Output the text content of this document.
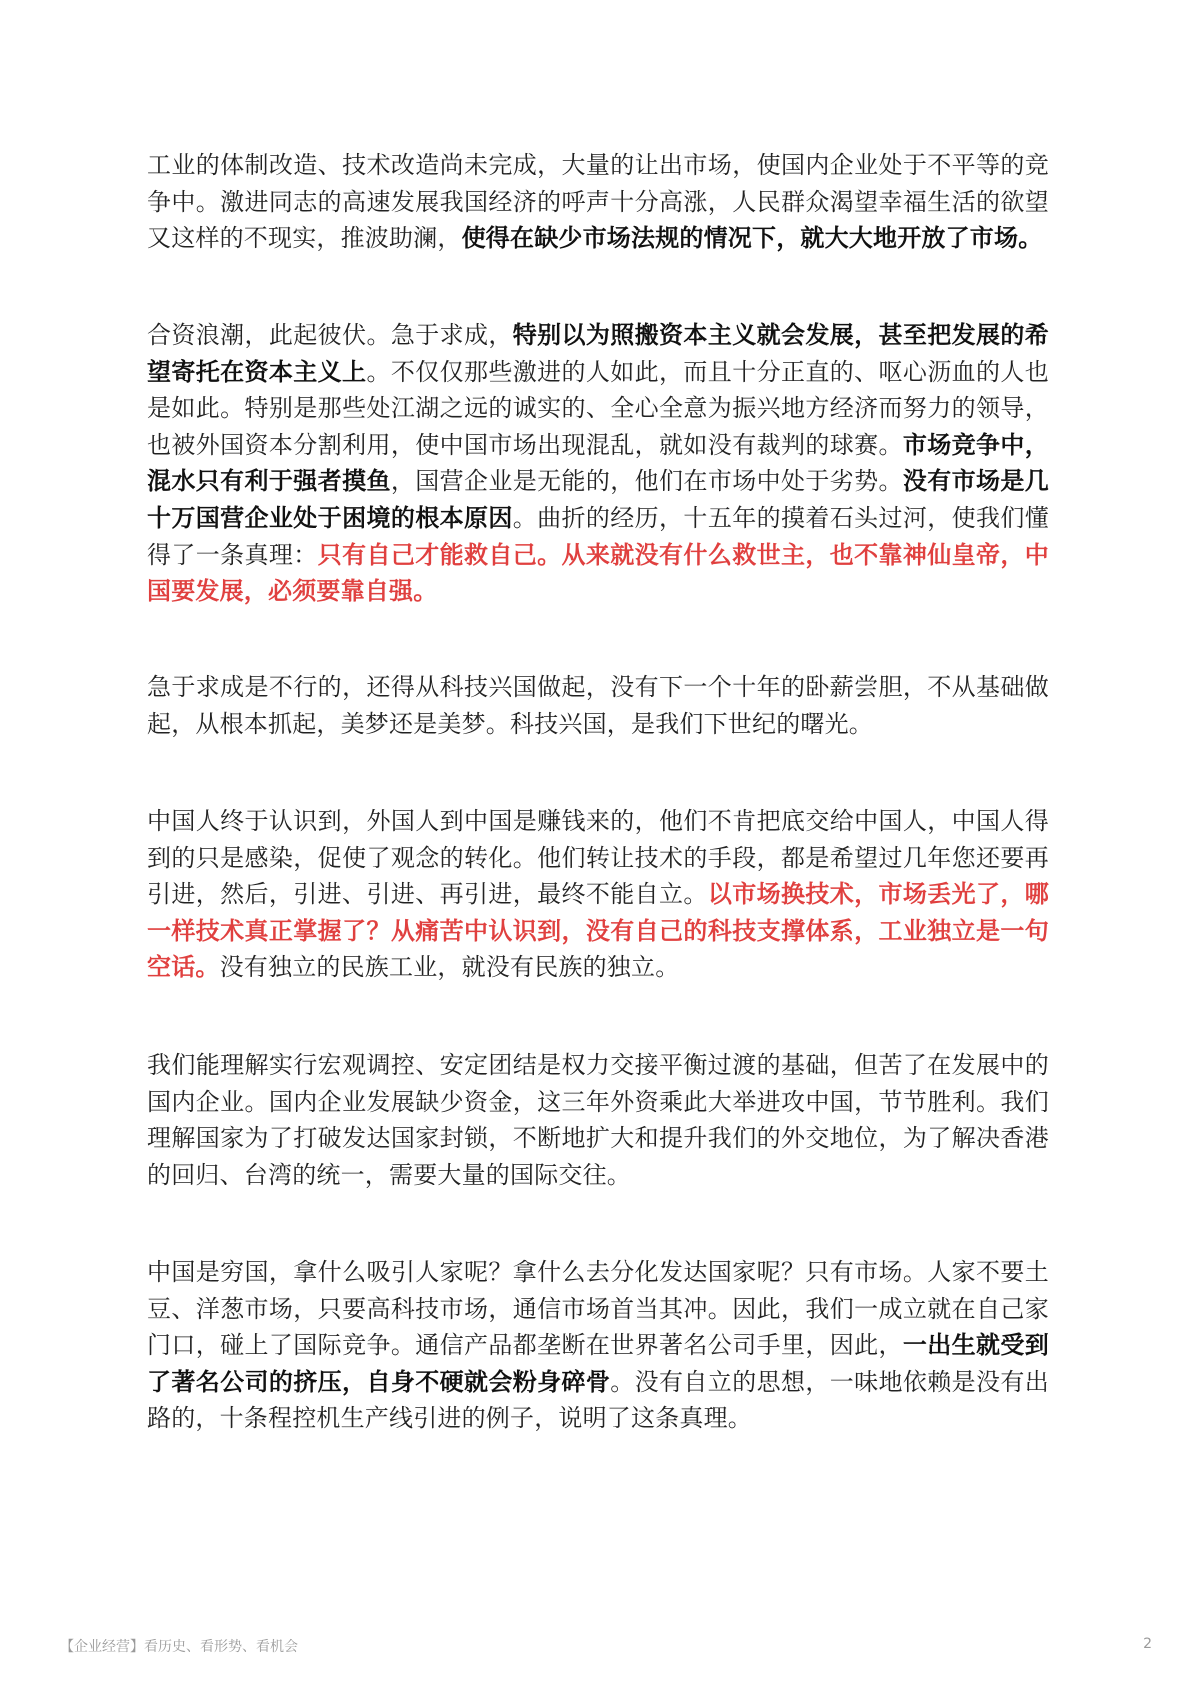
工业的体制改造、技术改造尚未完成，大量的让出市场，使国内企业处于不平等的竞争中。激进同志的高速发展我国经济的呼声十分高涨，人民群众渴望幸福生活的欲望又这样的不现实，推波助澜，使得在缺少市场法规的情况下，就大大地开放了市场。

合资浪潮，此起彼伏。急于求成，特别以为照搬资本主义就会发展，甚至把发展的希望寄托在资本主义上。不仅仅那些激进的人如此，而且十分正直的、呕心沥血的人也是如此。特别是那些处江湖之远的诚实的、全心全意为振兴地方经济而努力的领导，也被外国资本分割利用，使中国市场出现混乱，就如没有裁判的球赛。市场竞争中，混水只有利于强者摸鱼，国营企业是无能的，他们在市场中处于劣势。没有市场是几十万国营企业处于困境的根本原因。曲折的经历，十五年的摸着石头过河，使我们懂得了一条真理：只有自己才能救自己。从来就没有什么救世主，也不靠神仙皇帝，中国要发展，必须要靠自强。

急于求成是不行的，还得从科技兴国做起，没有下一个十年的卧薪尝胆，不从基础做起，从根本抓起，美梦还是美梦。科技兴国，是我们下世纪的曙光。

中国人终于认识到，外国人到中国是赚钱来的，他们不肯把底交给中国人，中国人得到的只是感染，促使了观念的转化。他们转让技术的手段，都是希望过几年您还要再引进，然后，引进、引进、再引进，最终不能自立。以市场换技术，市场丢光了，哪一样技术真正掌握了？从痛苦中认识到，没有自己的科技支撑体系，工业独立是一句空话。没有独立的民族工业，就没有民族的独立。

我们能理解实行宏观调控、安定团结是权力交接平衡过渡的基础，但苦了在发展中的国内企业。国内企业发展缺少资金，这三年外资乘此大举进攻中国，节节胜利。我们理解国家为了打破发达国家封锁，不断地扩大和提升我们的外交地位，为了解决香港的回归、台湾的统一，需要大量的国际交往。

中国是穷国，拿什么吸引人家呢？拿什么去分化发达国家呢？只有市场。人家不要土豆、洋葱市场，只要高科技市场，通信市场首当其冲。因此，我们一成立就在自己家门口，碰上了国际竞争。通信产品都垄断在世界著名公司手里，因此，一出生就受到了著名公司的挤压，自身不硬就会粉身碎骨。没有自立的思想，一味地依赖是没有出路的，十条程控机生产线引进的例子，说明了这条真理。

【企业经营】看历史、看形势、看机会	2
